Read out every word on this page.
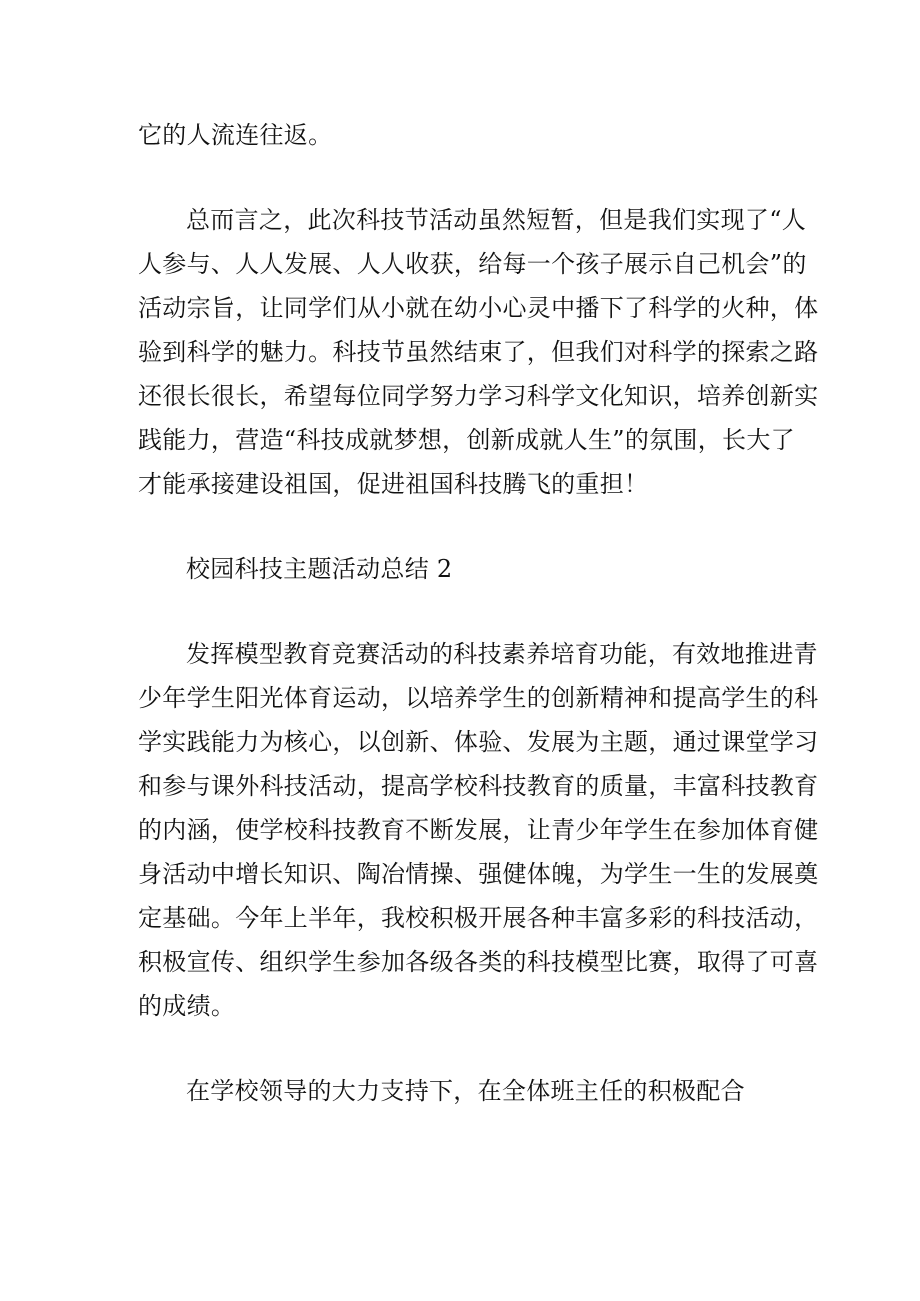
它的人流连往返。
总而言之，此次科技节活动虽然短暂，但是我们实现了“人
人参与、人人发展、人人收获，给每一个孩子展示自己机会”的
活动宗旨，让同学们从小就在幼小心灵中播下了科学的火种，体
验到科学的魅力。科技节虽然结束了，但我们对科学的探索之路
还很长很长，希望每位同学努力学习科学文化知识，培养创新实
践能力，营造“科技成就梦想，创新成就人生”的氛围，长大了
才能承接建设祖国，促进祖国科技腾飞的重担！
校园科技主题活动总结 2
发挥模型教育竞赛活动的科技素养培育功能，有效地推进青
少年学生阳光体育运动，以培养学生的创新精神和提高学生的科
学实践能力为核心，以创新、体验、发展为主题，通过课堂学习
和参与课外科技活动，提高学校科技教育的质量，丰富科技教育
的内涵，使学校科技教育不断发展，让青少年学生在参加体育健
身活动中增长知识、陶冶情操、强健体魄，为学生一生的发展奠
定基础。今年上半年，我校积极开展各种丰富多彩的科技活动，
积极宣传、组织学生参加各级各类的科技模型比赛，取得了可喜
的成绩。
在学校领导的大力支持下，在全体班主任的积极配合
